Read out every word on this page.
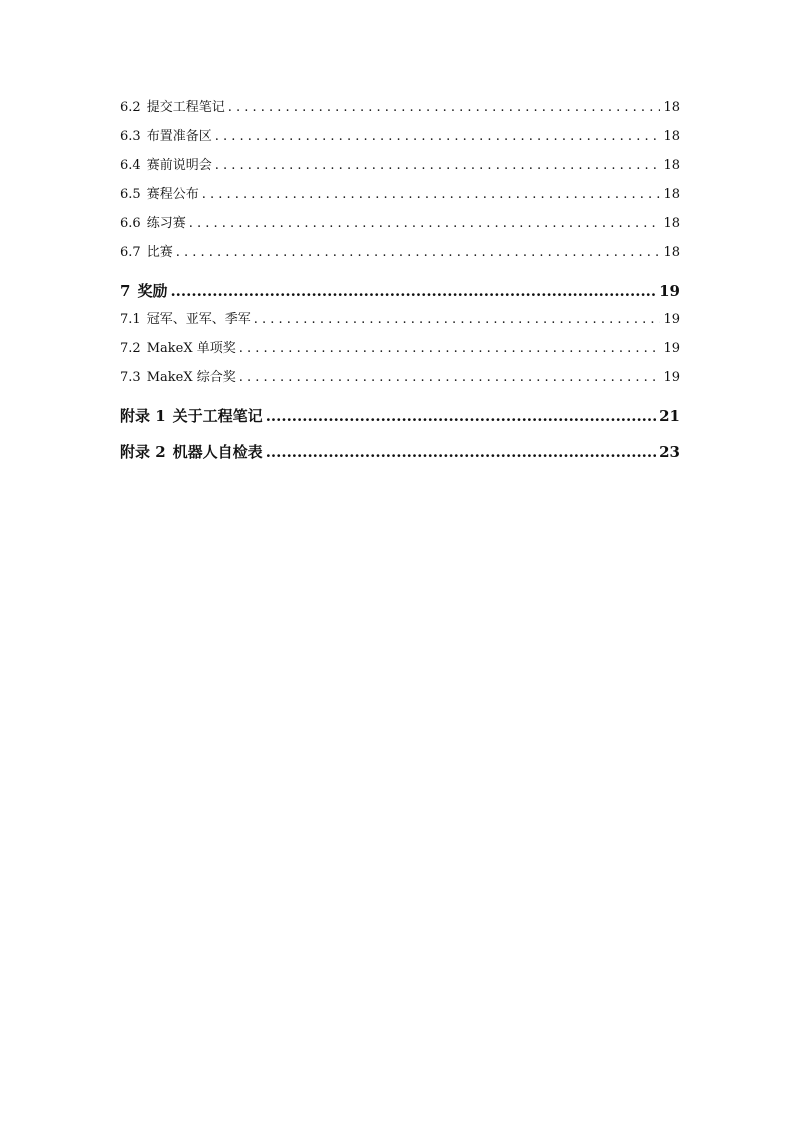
6.2 提交工程笔记 . . .	18
6.3 布置准备区 . . .	18
6.4 赛前说明会 . . .	18
6.5 赛程公布 . . .	18
6.6 练习赛 . . .	18
6.7 比赛 . . .	18
7 奖励 .....	19
7.1 冠军、亚军、季军 . . .	19
7.2 MakeX 单项奖 . . .	19
7.3 MakeX 综合奖 . . .	19
附录 1 关于工程笔记 .....	21
附录 2 机器人自检表 .....	23
